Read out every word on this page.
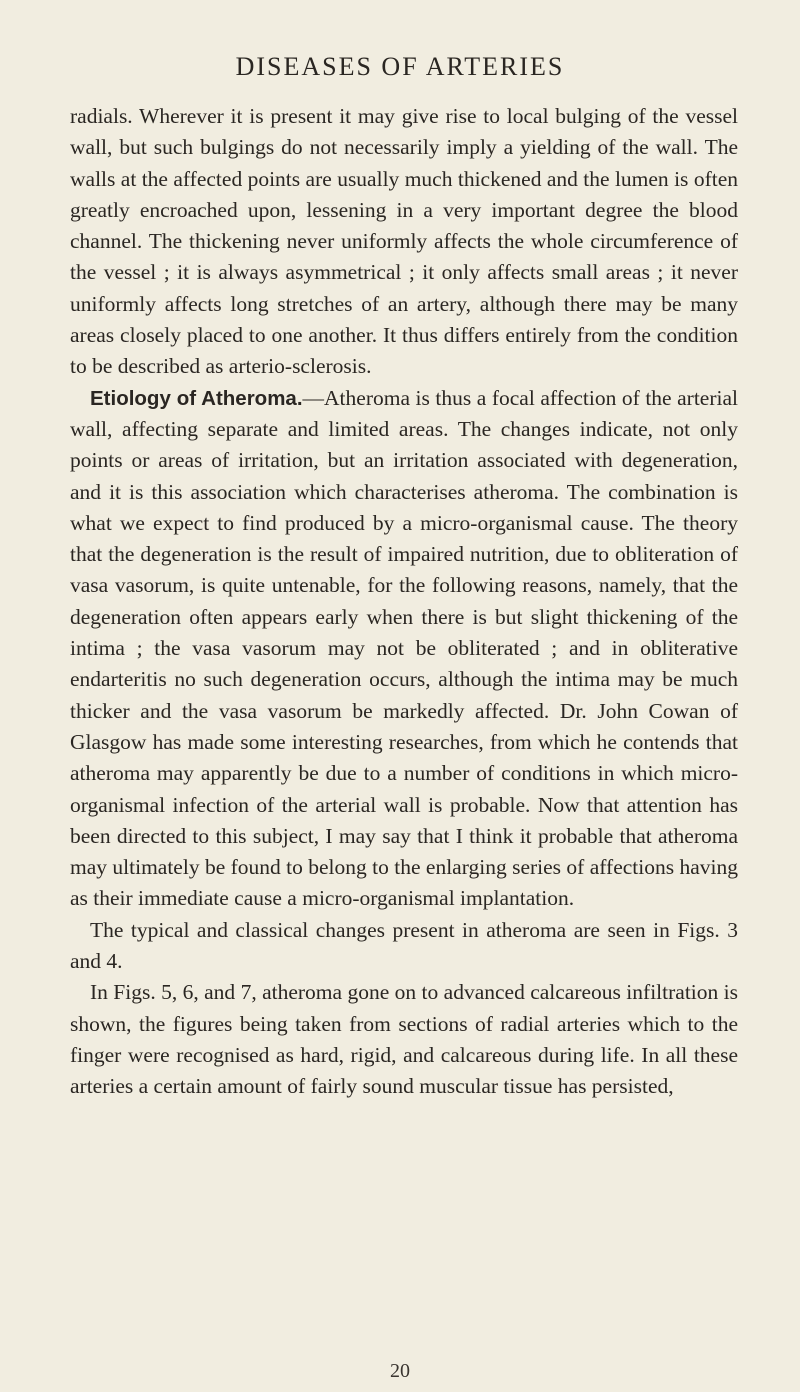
DISEASES OF ARTERIES

radials. Wherever it is present it may give rise to local bulging of the vessel wall, but such bulgings do not necessarily imply a yielding of the wall. The walls at the affected points are usually much thickened and the lumen is often greatly encroached upon, lessening in a very important degree the blood channel. The thickening never uniformly affects the whole circumference of the vessel ; it is always asymmetrical ; it only affects small areas ; it never uniformly affects long stretches of an artery, although there may be many areas closely placed to one another. It thus differs entirely from the condition to be described as arterio-sclerosis.

Etiology of Atheroma.—Atheroma is thus a focal affection of the arterial wall, affecting separate and limited areas. The changes indicate, not only points or areas of irritation, but an irritation associated with degeneration, and it is this association which characterises atheroma. The combination is what we expect to find produced by a micro-organismal cause. The theory that the degeneration is the result of impaired nutrition, due to obliteration of vasa vasorum, is quite untenable, for the following reasons, namely, that the degeneration often appears early when there is but slight thickening of the intima ; the vasa vasorum may not be obliterated ; and in obliterative endarteritis no such degeneration occurs, although the intima may be much thicker and the vasa vasorum be markedly affected. Dr. John Cowan of Glasgow has made some interesting researches, from which he contends that atheroma may apparently be due to a number of conditions in which micro-organismal infection of the arterial wall is probable. Now that attention has been directed to this subject, I may say that I think it probable that atheroma may ultimately be found to belong to the enlarging series of affections having as their immediate cause a micro-organismal implantation.

The typical and classical changes present in atheroma are seen in Figs. 3 and 4.

In Figs. 5, 6, and 7, atheroma gone on to advanced calcareous infiltration is shown, the figures being taken from sections of radial arteries which to the finger were recognised as hard, rigid, and calcareous during life. In all these arteries a certain amount of fairly sound muscular tissue has persisted,

20
